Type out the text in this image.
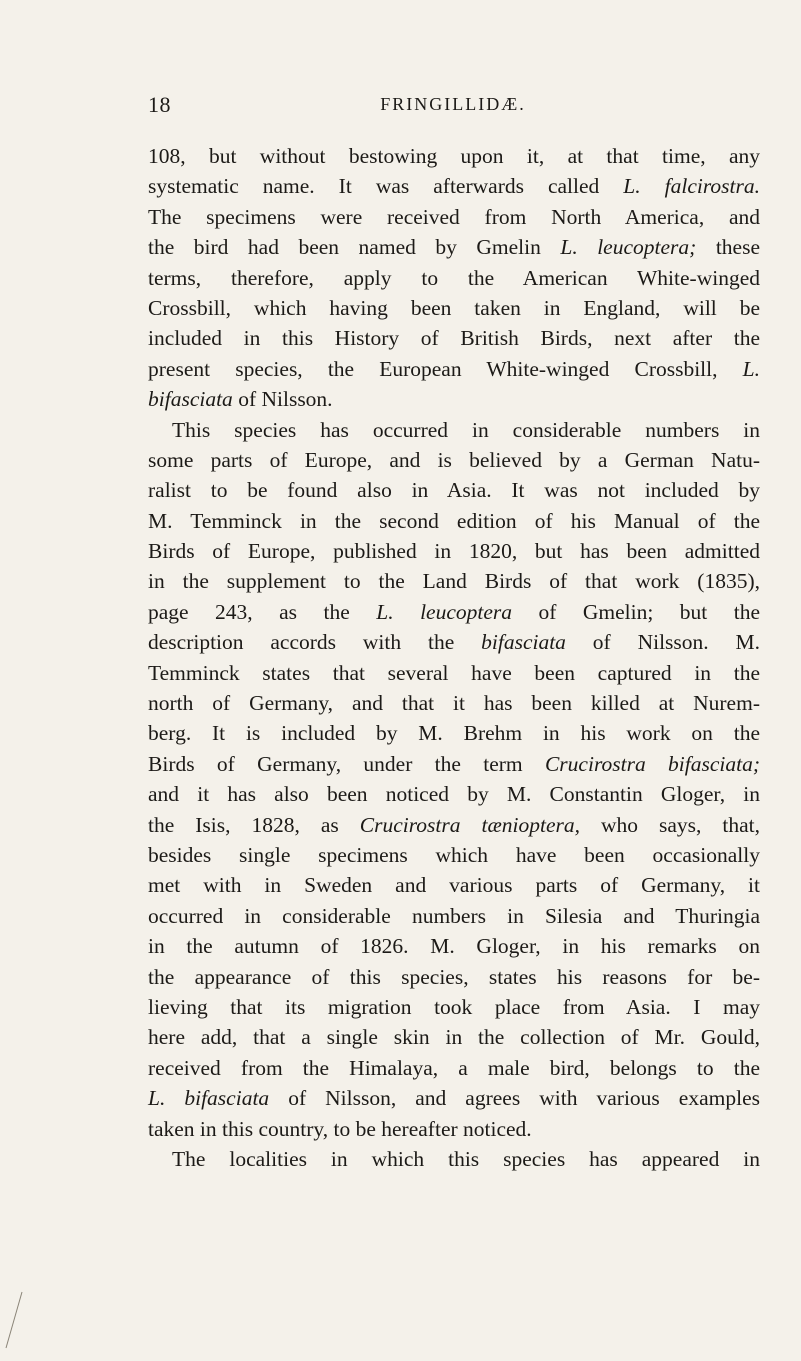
18	FRINGILLIDÆ.

108, but without bestowing upon it, at that time, any
systematic name. It was afterwards called L. falcirostra.
The specimens were received from North America, and
the bird had been named by Gmelin L. leucoptera; these
terms, therefore, apply to the American White-winged
Crossbill, which having been taken in England, will be
included in this History of British Birds, next after the
present species, the European White-winged Crossbill, L.
bifasciata of Nilsson.

This species has occurred in considerable numbers in
some parts of Europe, and is believed by a German Natu-
ralist to be found also in Asia. It was not included by
M. Temminck in the second edition of his Manual of the
Birds of Europe, published in 1820, but has been admitted
in the supplement to the Land Birds of that work (1835),
page 243, as the L. leucoptera of Gmelin; but the
description accords with the bifasciata of Nilsson. M.
Temminck states that several have been captured in the
north of Germany, and that it has been killed at Nurem-
berg. It is included by M. Brehm in his work on the
Birds of Germany, under the term Crucirostra bifasciata;
and it has also been noticed by M. Constantin Gloger, in
the Isis, 1828, as Crucirostra tæniopterа, who says, that,
besides single specimens which have been occasionally
met with in Sweden and various parts of Germany, it
occurred in considerable numbers in Silesia and Thuringia
in the autumn of 1826. M. Gloger, in his remarks on
the appearance of this species, states his reasons for be-
lieving that its migration took place from Asia. I may
here add, that a single skin in the collection of Mr. Gould,
received from the Himalaya, a male bird, belongs to the
L. bifasciata of Nilsson, and agrees with various examples
taken in this country, to be hereafter noticed.

The localities in which this species has appeared in
